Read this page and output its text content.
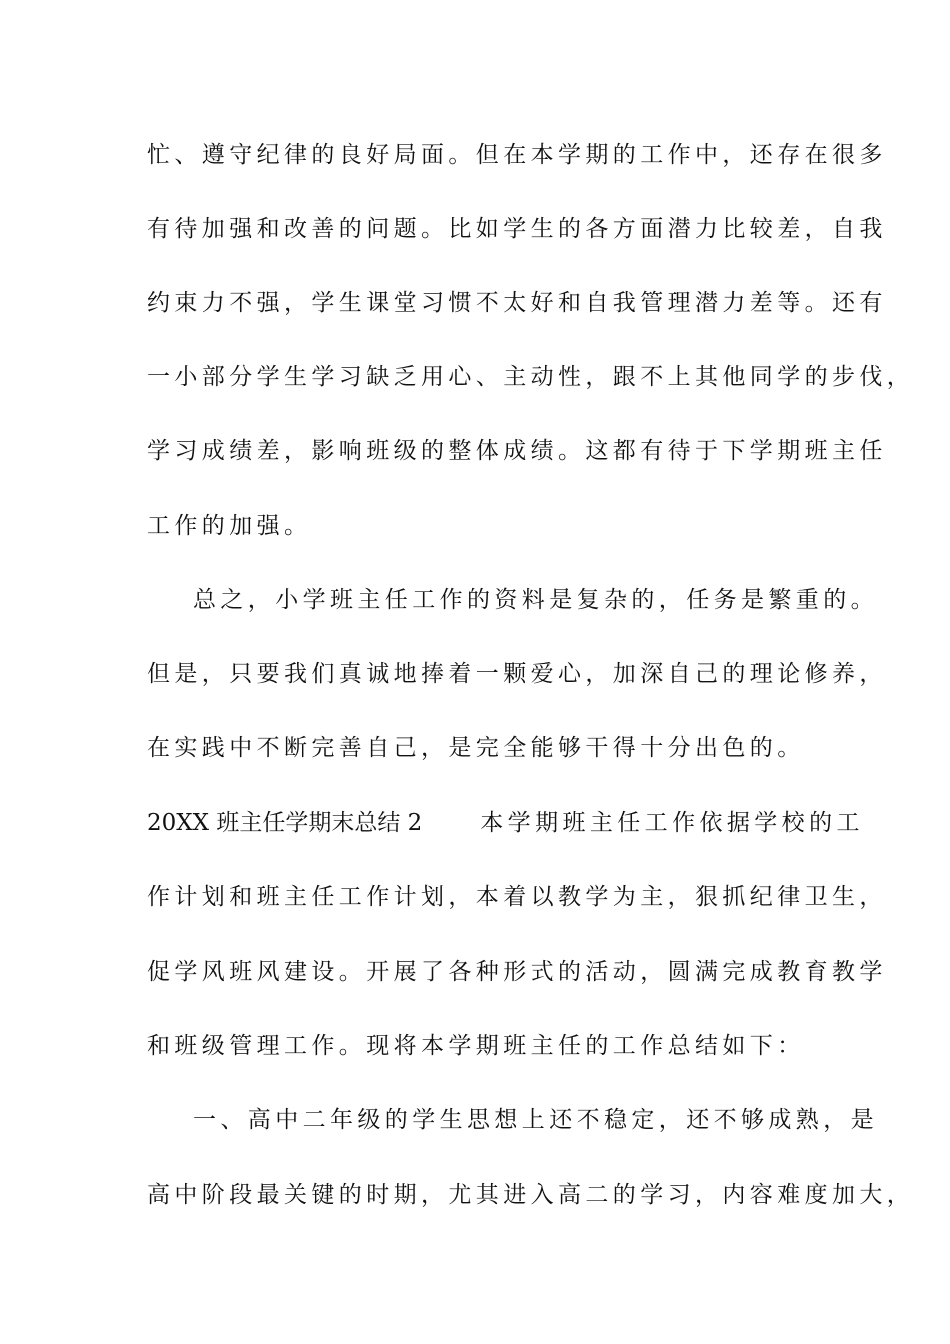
忙、遵守纪律的良好局面。但在本学期的工作中，还存在很多
有待加强和改善的问题。比如学生的各方面潜力比较差，自我
约束力不强，学生课堂习惯不太好和自我管理潜力差等。还有
一小部分学生学习缺乏用心、主动性，跟不上其他同学的步伐，
学习成绩差，影响班级的整体成绩。这都有待于下学期班主任
工作的加强。
总之，小学班主任工作的资料是复杂的，任务是繁重的。
但是，只要我们真诚地捧着一颗爱心，加深自己的理论修养，
在实践中不断完善自己，是完全能够干得十分出色的。
20XX 班主任学期末总结 2	本学期班主任工作依据学校的工
作计划和班主任工作计划，本着以教学为主，狠抓纪律卫生，
促学风班风建设。开展了各种形式的活动，圆满完成教育教学
和班级管理工作。现将本学期班主任的工作总结如下：
一、高中二年级的学生思想上还不稳定，还不够成熟，是
高中阶段最关键的时期，尤其进入高二的学习，内容难度加大，
